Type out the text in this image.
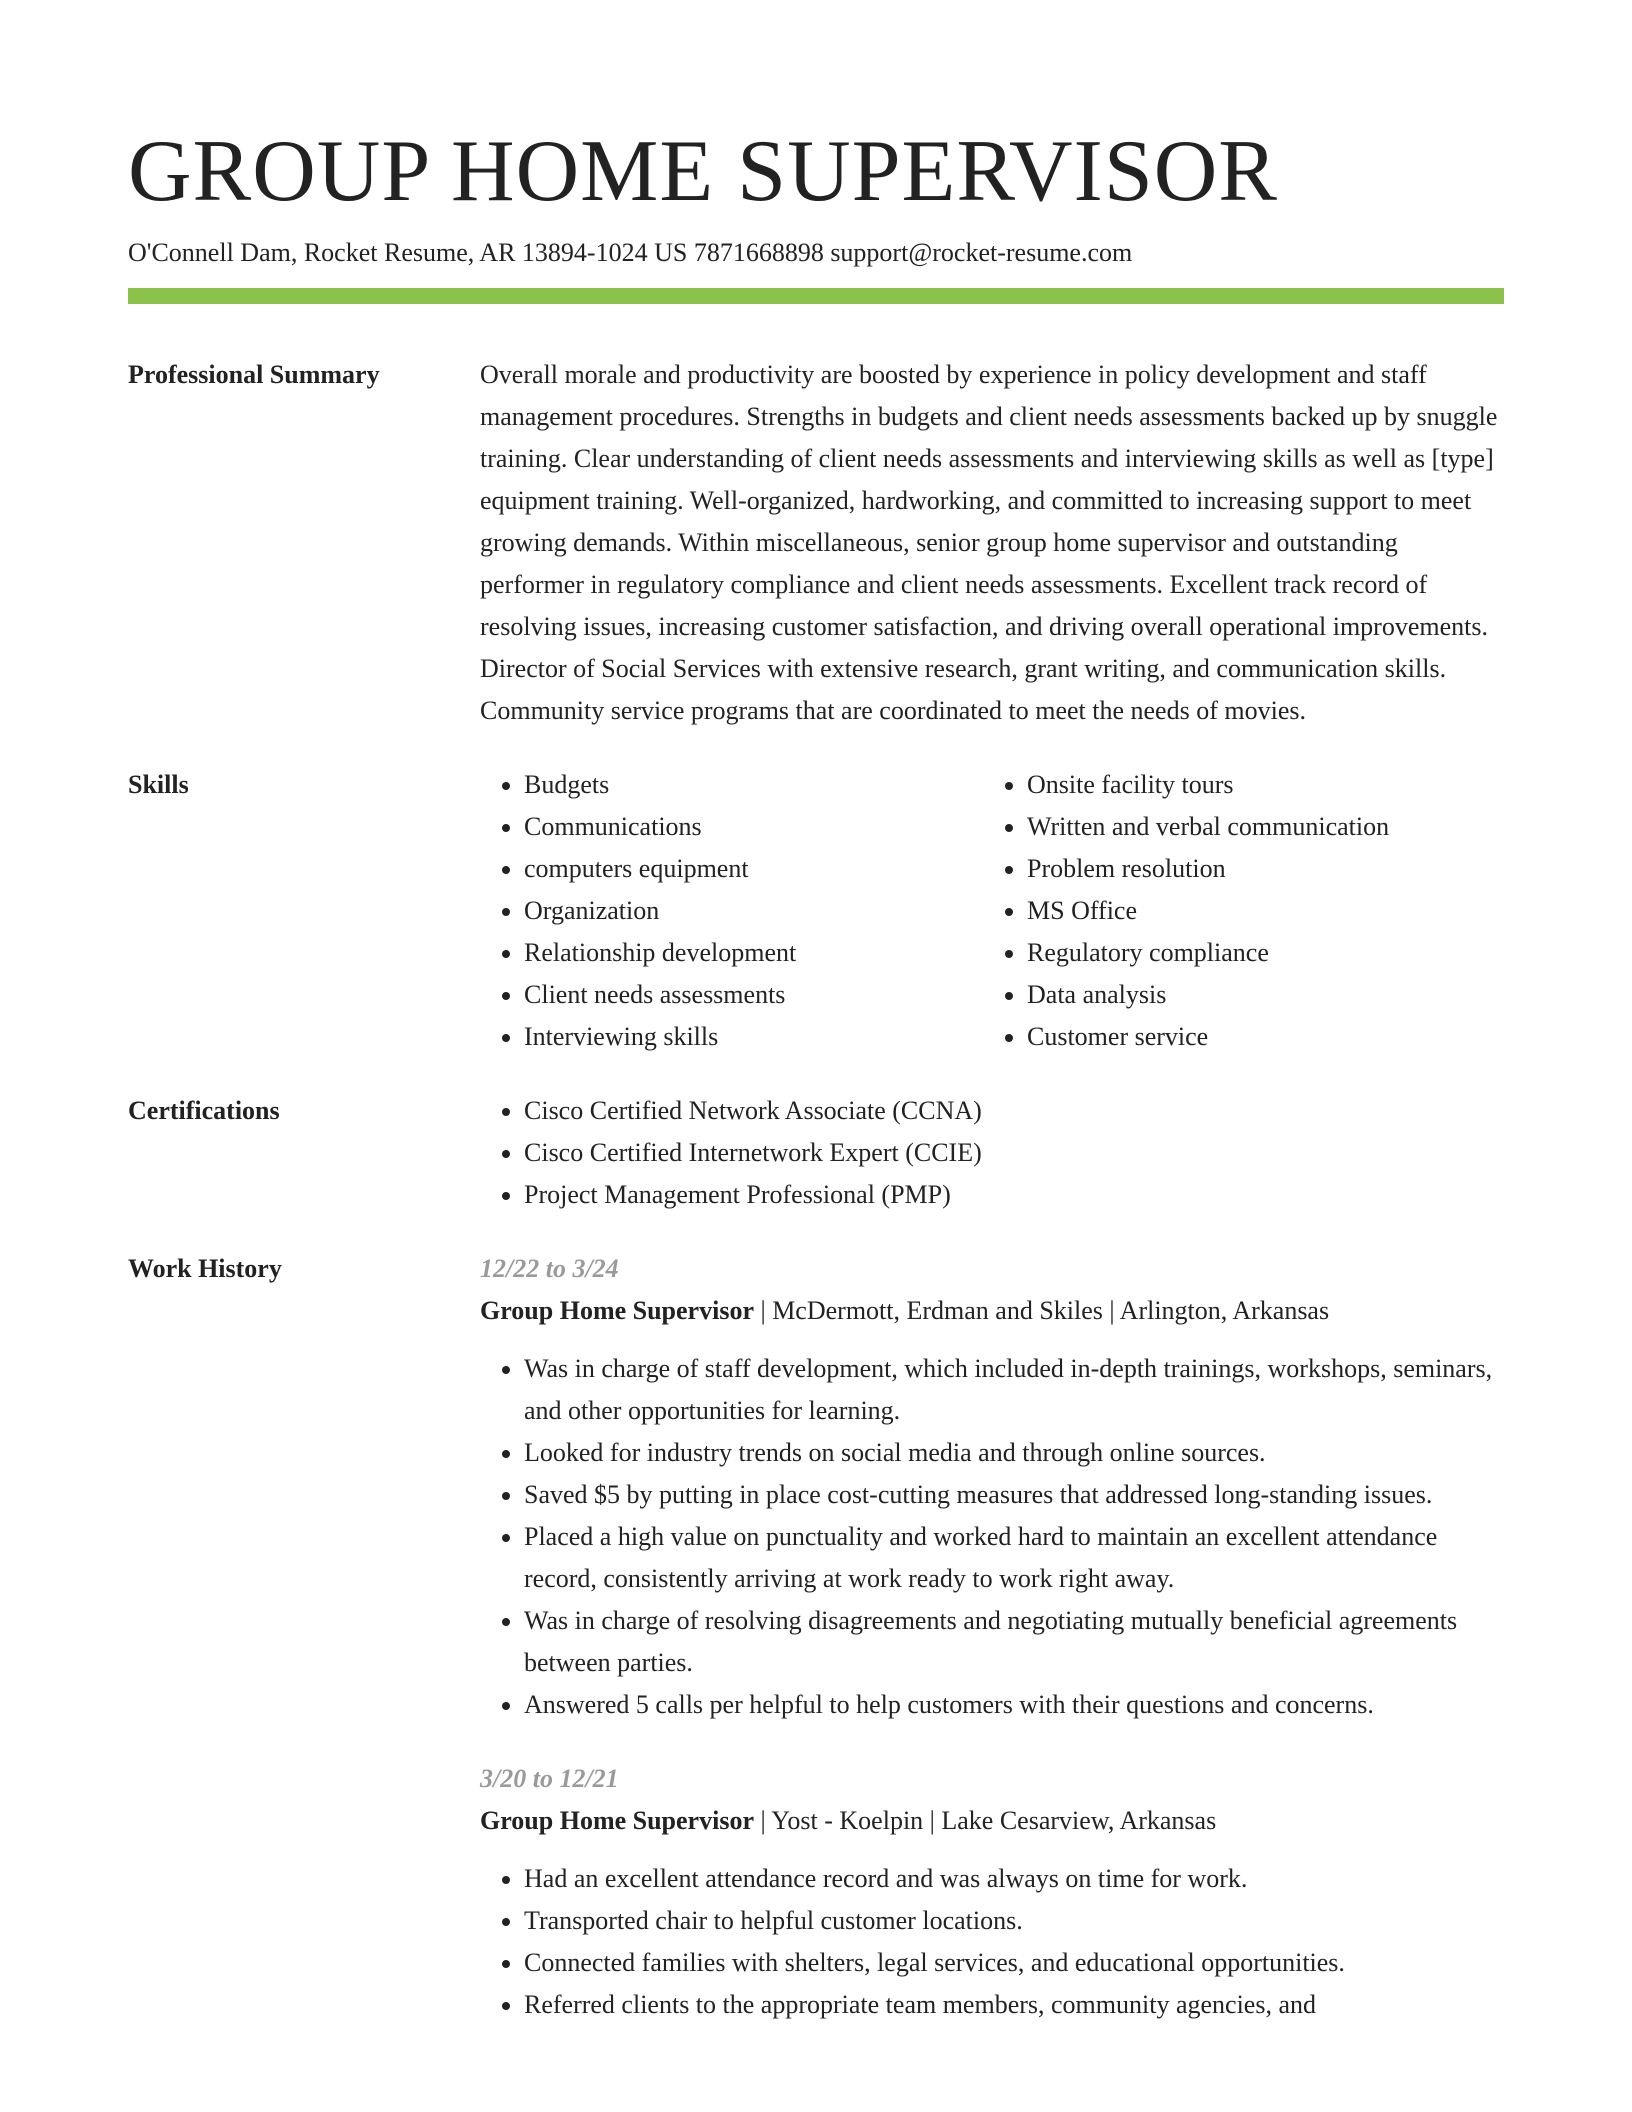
GROUP HOME SUPERVISOR
O'Connell Dam, Rocket Resume, AR 13894-1024 US 7871668898 support@rocket-resume.com
Professional Summary	Overall morale and productivity are boosted by experience in policy development and staff management procedures. Strengths in budgets and client needs assessments backed up by snuggle training. Clear understanding of client needs assessments and interviewing skills as well as [type] equipment training. Well-organized, hardworking, and committed to increasing support to meet growing demands. Within miscellaneous, senior group home supervisor and outstanding performer in regulatory compliance and client needs assessments. Excellent track record of resolving issues, increasing customer satisfaction, and driving overall operational improvements. Director of Social Services with extensive research, grant writing, and communication skills. Community service programs that are coordinated to meet the needs of movies.

Skills	• Budgets
• Communications
• computers equipment
• Organization
• Relationship development
• Client needs assessments
• Interviewing skills
• Onsite facility tours
• Written and verbal communication
• Problem resolution
• MS Office
• Regulatory compliance
• Data analysis
• Customer service
Certifications	• Cisco Certified Network Associate (CCNA)
• Cisco Certified Internetwork Expert (CCIE)
• Project Management Professional (PMP)
Work History	12/22 to 3/24
Group Home Supervisor | McDermott, Erdman and Skiles | Arlington, Arkansas
• Was in charge of staff development, which included in-depth trainings, workshops, seminars, and other opportunities for learning.
• Looked for industry trends on social media and through online sources.
• Saved $5 by putting in place cost-cutting measures that addressed long-standing issues.
• Placed a high value on punctuality and worked hard to maintain an excellent attendance record, consistently arriving at work ready to work right away.
• Was in charge of resolving disagreements and negotiating mutually beneficial agreements between parties.
• Answered 5 calls per helpful to help customers with their questions and concerns.
3/20 to 12/21
Group Home Supervisor | Yost - Koelpin | Lake Cesarview, Arkansas
• Had an excellent attendance record and was always on time for work.
• Transported chair to helpful customer locations.
• Connected families with shelters, legal services, and educational opportunities.
• Referred clients to the appropriate team members, community agencies, and
